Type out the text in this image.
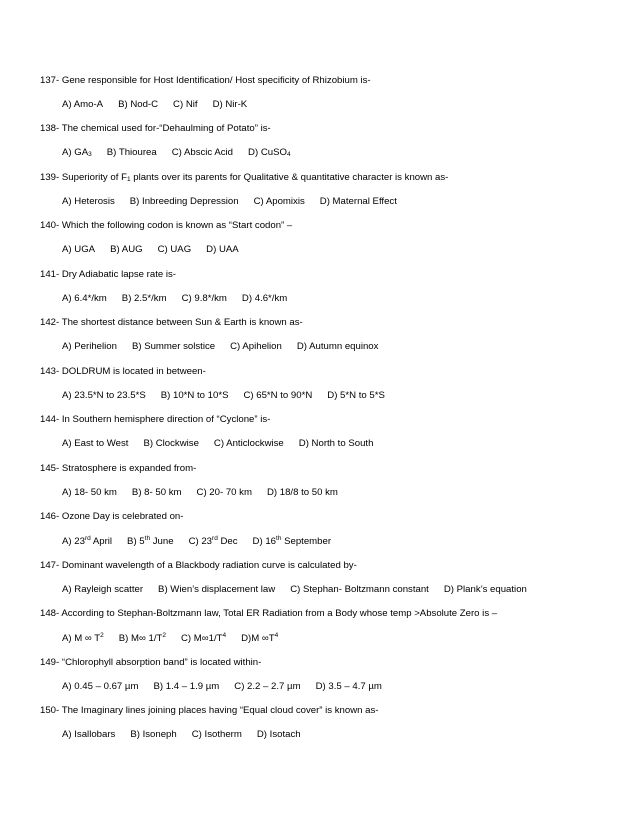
137- Gene responsible for Host Identification/ Host specificity of Rhizobium is-
A) Amo-A B) Nod-C C) Nif D) Nir-K
138- The chemical used for-“Dehaulming of Potato” is-
A) GA3 B) Thiourea C) Abscic Acid D) CuSO4
139- Superiority of F1 plants over its parents for Qualitative & quantitative character is known as-
A) Heterosis B) Inbreeding Depression C) Apomixis D) Maternal Effect
140- Which the following codon is known as “Start codon” –
A) UGA B) AUG C) UAG D) UAA
141- Dry Adiabatic lapse rate is-
A) 6.4*/km B) 2.5*/km C) 9.8*/km D) 4.6*/km
142- The shortest distance between Sun & Earth is known as-
A) Perihelion B) Summer solstice C) Apihelion D) Autumn equinox
143- DOLDRUM is located in between-
A) 23.5*N to 23.5*S B) 10*N to 10*S C) 65*N to 90*N D) 5*N to 5*S
144- In Southern hemisphere direction of “Cyclone” is-
A) East to West B) Clockwise C) Anticlockwise D) North to South
145- Stratosphere is expanded from-
A) 18- 50 km B) 8- 50 km C) 20- 70 km D) 18/8 to 50 km
146- Ozone Day is celebrated on-
A) 23rd April B) 5th June C) 23rd Dec D) 16th September
147- Dominant wavelength of a Blackbody radiation curve is calculated by-
A) Rayleigh scatter B) Wien’s displacement law C) Stephan- Boltzmann constant D) Plank’s equation
148- According to Stephan-Boltzmann law, Total ER Radiation from a Body whose temp >Absolute Zero is –
A) M ∞ $T^2$ B) M∞ $1/T^2$ C) $M\infty 1/T^4$ D)M $\infty T^4$
149- “Chlorophyll absorption band” is located within-
A) 0.45 – 0.67 µm B) 1.4 – 1.9 µm C) 2.2 – 2.7 µm D) 3.5 – 4.7 µm
150- The Imaginary lines joining places having “Equal cloud cover” is known as-
A) Isallobars B) Isoneph C) Isotherm D) Isotach
